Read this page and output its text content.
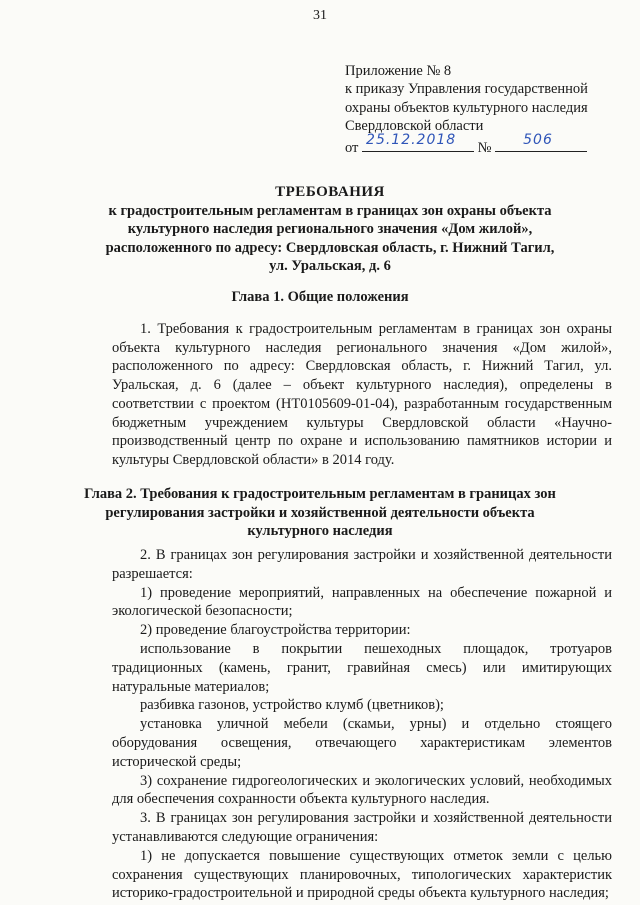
31
Приложение № 8
к приказу Управления государственной
охраны объектов культурного наследия
Свердловской области
от 25.12.2018 № 506
ТРЕБОВАНИЯ
к градостроительным регламентам в границах зон охраны объекта
культурного наследия регионального значения «Дом жилой»,
расположенного по адресу: Свердловская область, г. Нижний Тагил,
ул. Уральская, д. 6
Глава 1. Общие положения
1. Требования к градостроительным регламентам в границах зон охраны объекта культурного наследия регионального значения «Дом жилой», расположенного по адресу: Свердловская область, г. Нижний Тагил, ул. Уральская, д. 6 (далее – объект культурного наследия), определены в соответствии с проектом (НТ0105609-01-04), разработанным государственным бюджетным учреждением культуры Свердловской области «Научно-производственный центр по охране и использованию памятников истории и культуры Свердловской области» в 2014 году.
Глава 2. Требования к градостроительным регламентам в границах зон
регулирования застройки и хозяйственной деятельности объекта
культурного наследия

2. В границах зон регулирования застройки и хозяйственной деятельности разрешается:

1) проведение мероприятий, направленных на обеспечение пожарной и экологической безопасности;

2) проведение благоустройства территории:

использование в покрытии пешеходных площадок, тротуаров традиционных (камень, гранит, гравийная смесь) или имитирующих натуральные материалов;

разбивка газонов, устройство клумб (цветников);

установка уличной мебели (скамьи, урны) и отдельно стоящего оборудования освещения, отвечающего характеристикам элементов исторической среды;

3) сохранение гидрогеологических и экологических условий, необходимых для обеспечения сохранности объекта культурного наследия.

3. В границах зон регулирования застройки и хозяйственной деятельности устанавливаются следующие ограничения:

1) не допускается повышение существующих отметок земли с целью сохранения существующих планировочных, типологических характеристик историко-градостроительной и природной среды объекта культурного наследия;
